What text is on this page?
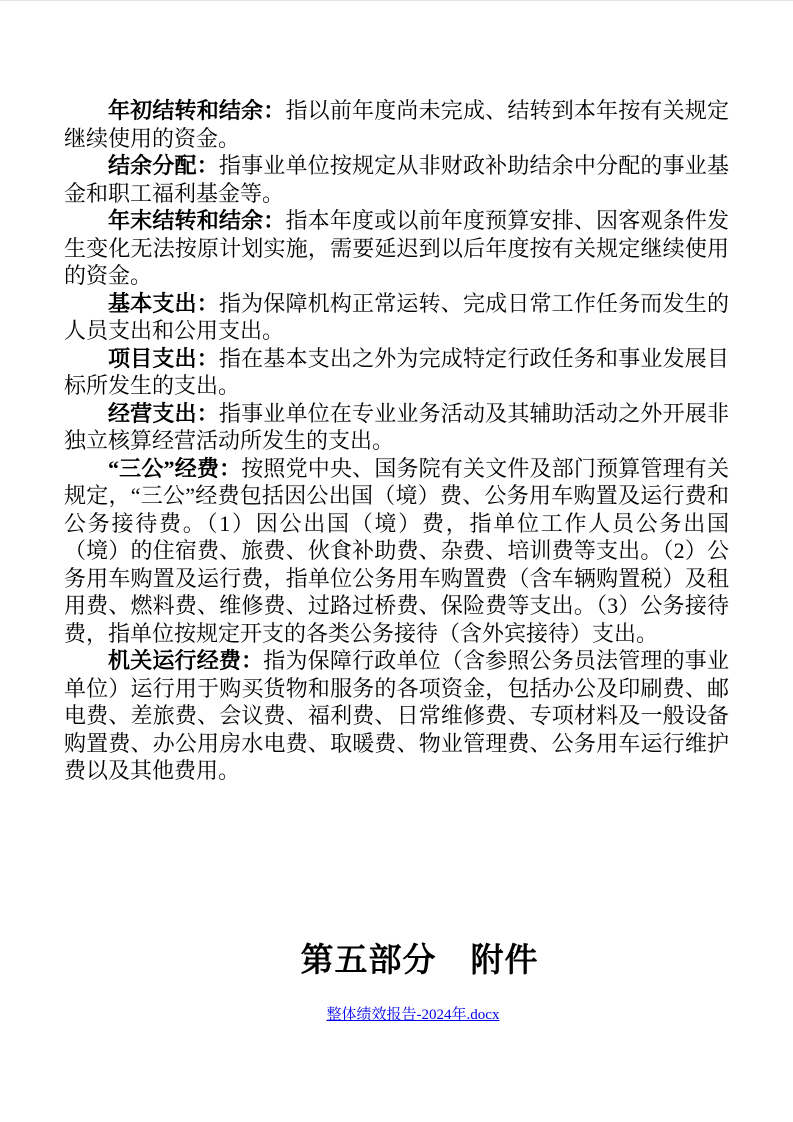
年初结转和结余：指以前年度尚未完成、结转到本年按有关规定继续使用的资金。

结余分配：指事业单位按规定从非财政补助结余中分配的事业基金和职工福利基金等。

年末结转和结余：指本年度或以前年度预算安排、因客观条件发生变化无法按原计划实施，需要延迟到以后年度按有关规定继续使用的资金。

基本支出：指为保障机构正常运转、完成日常工作任务而发生的人员支出和公用支出。

项目支出：指在基本支出之外为完成特定行政任务和事业发展目标所发生的支出。

经营支出：指事业单位在专业业务活动及其辅助活动之外开展非独立核算经营活动所发生的支出。

“三公”经费：按照党中央、国务院有关文件及部门预算管理有关规定，“三公”经费包括因公出国（境）费、公务用车购置及运行费和公务接待费。（1）因公出国（境）费，指单位工作人员公务出国（境）的住宿费、旅费、伙食补助费、杂费、培训费等支出。（2）公务用车购置及运行费，指单位公务用车购置费（含车辆购置税）及租用费、燃料费、维修费、过路过桥费、保险费等支出。（3）公务接待费，指单位按规定开支的各类公务接待（含外宾接待）支出。

机关运行经费：指为保障行政单位（含参照公务员法管理的事业单位）运行用于购买货物和服务的各项资金，包括办公及印刷费、邮电费、差旅费、会议费、福利费、日常维修费、专项材料及一般设备购置费、办公用房水电费、取暖费、物业管理费、公务用车运行维护费以及其他费用。

第五部分　附件

整体绩效报告-2024年.docx
